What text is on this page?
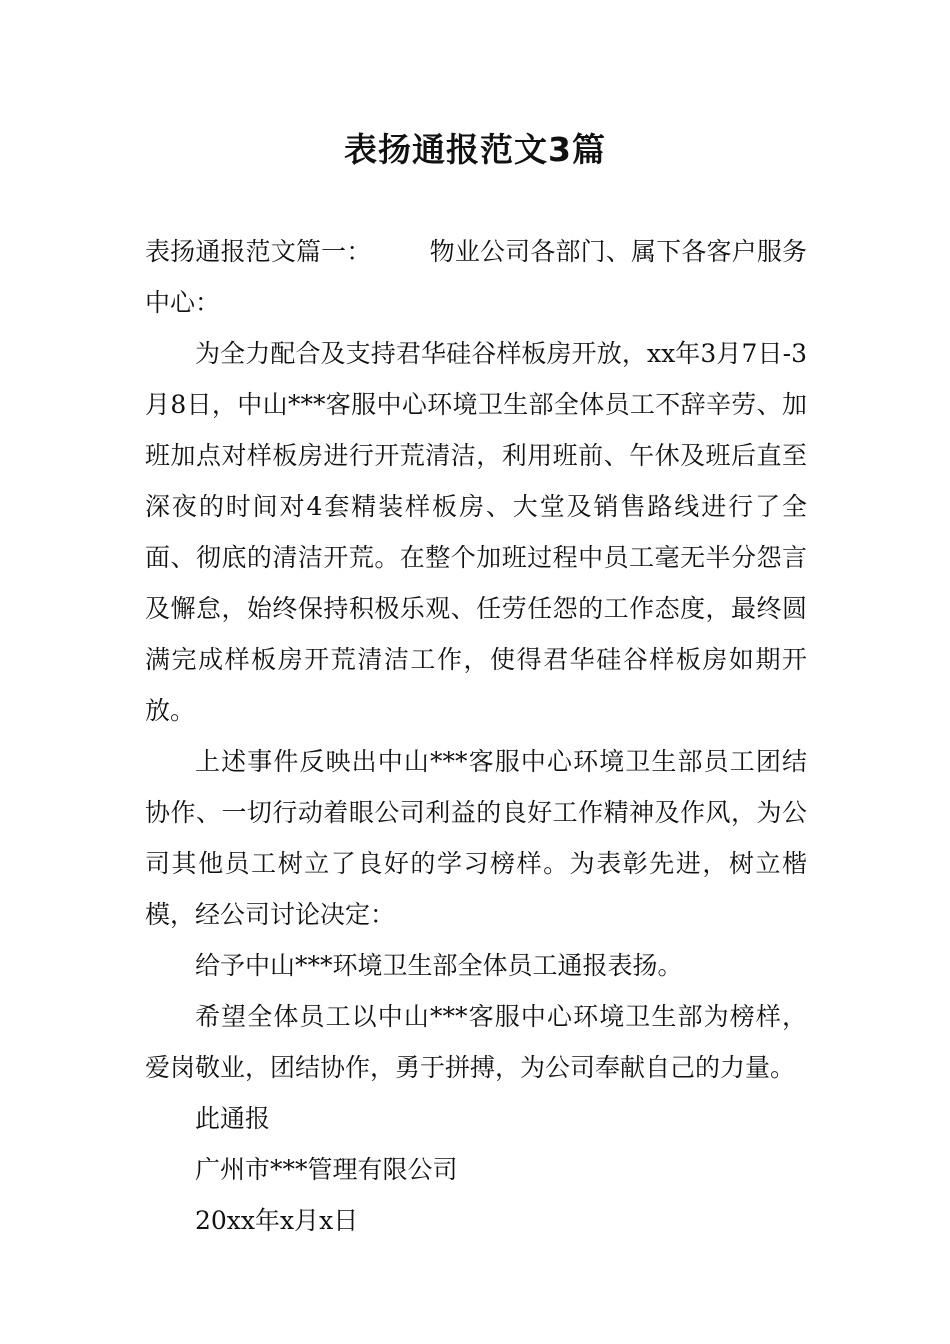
表扬通报范文3篇

表扬通报范文篇一： 物业公司各部门、属下各客户服务中心：

为全力配合及支持君华硅谷样板房开放，xx年3月7日-3月8日，中山***客服中心环境卫生部全体员工不辞辛劳、加班加点对样板房进行开荒清洁，利用班前、午休及班后直至深夜的时间对4套精装样板房、大堂及销售路线进行了全面、彻底的清洁开荒。在整个加班过程中员工毫无半分怨言及懈怠，始终保持积极乐观、任劳任怨的工作态度，最终圆满完成样板房开荒清洁工作，使得君华硅谷样板房如期开放。

上述事件反映出中山***客服中心环境卫生部员工团结协作、一切行动着眼公司利益的良好工作精神及作风，为公司其他员工树立了良好的学习榜样。为表彰先进，树立楷模，经公司讨论决定：

给予中山***环境卫生部全体员工通报表扬。

希望全体员工以中山***客服中心环境卫生部为榜样，爱岗敬业，团结协作，勇于拼搏，为公司奉献自己的力量。

此通报

广州市***管理有限公司

20xx年x月x日
